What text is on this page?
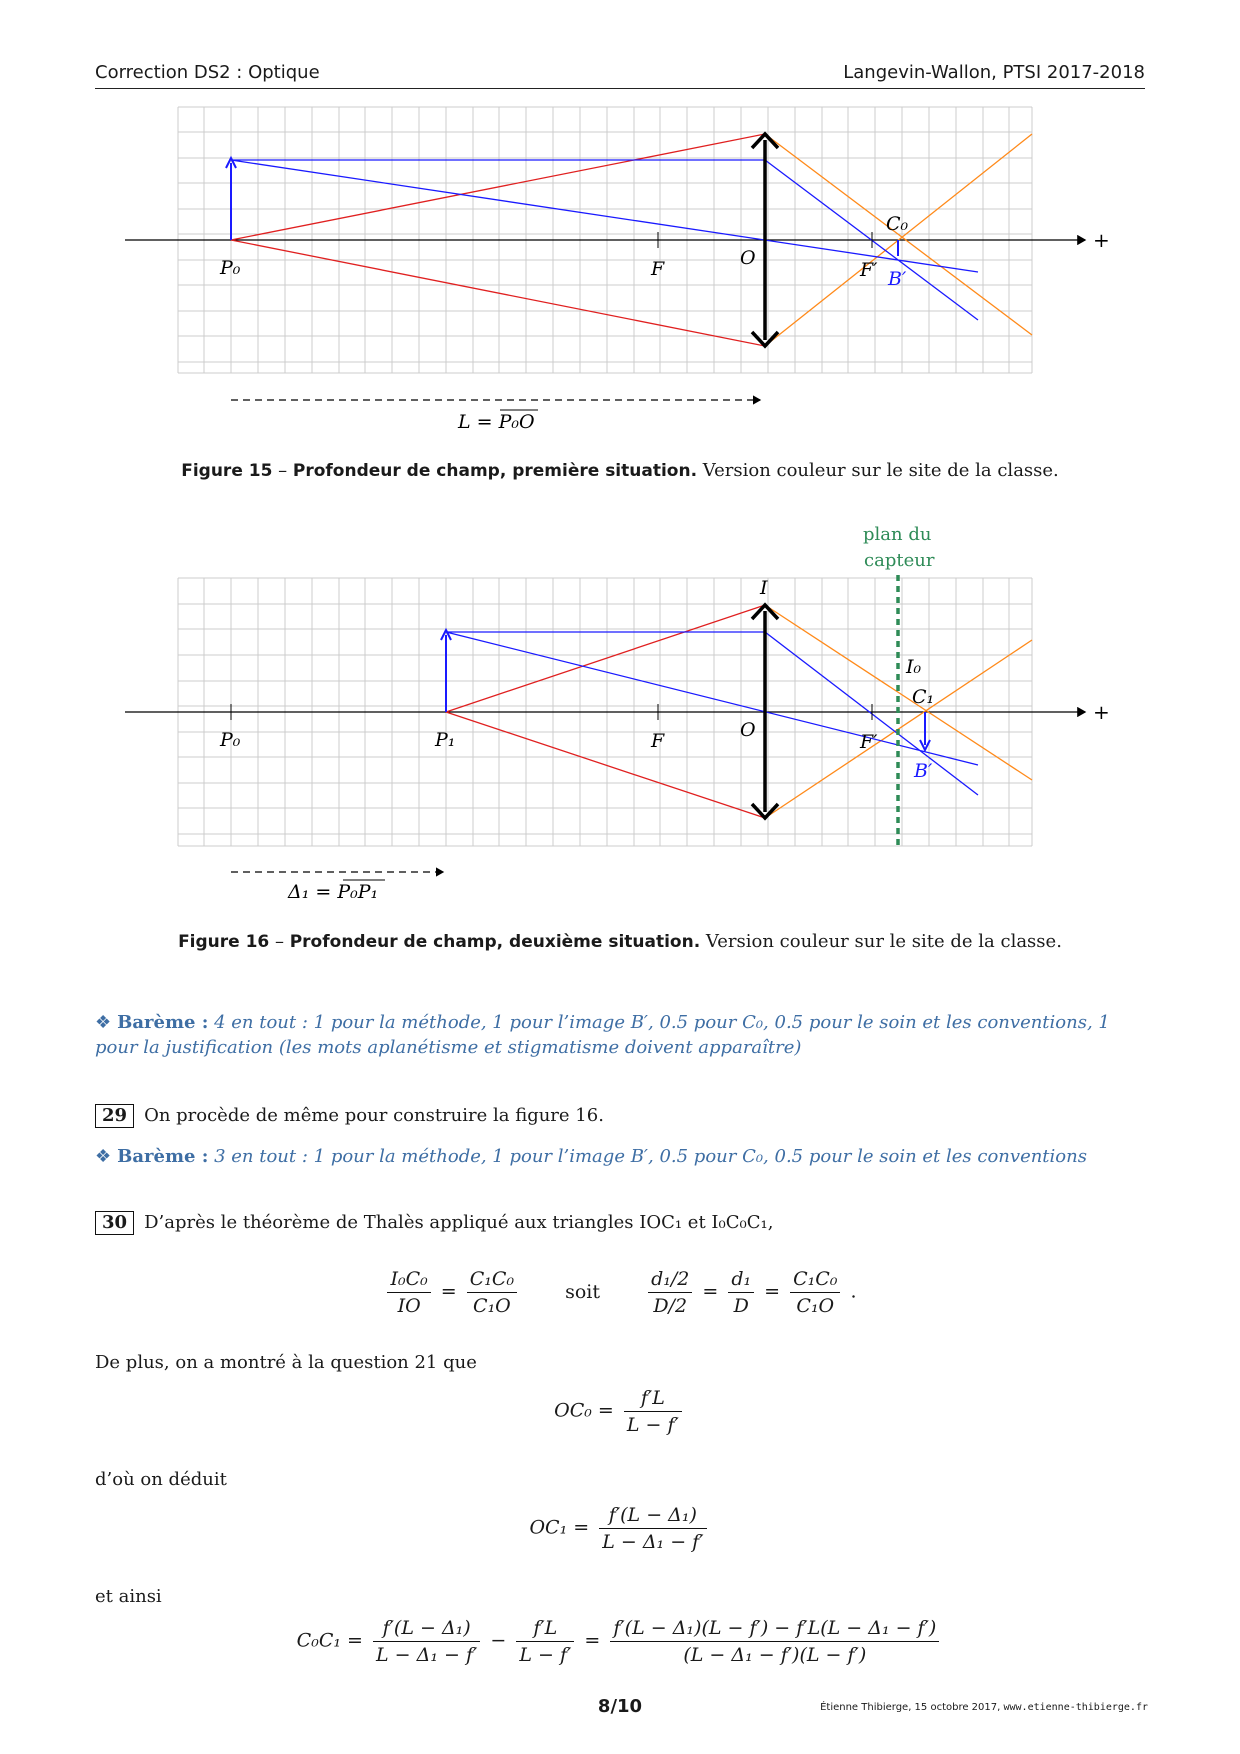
Correction DS2 : Optique	Langevin-Wallon, PTSI 2017-2018
P₀	F	O
F′
C₀
B′
+
L = P₀O
Figure 15 – Profondeur de champ, première situation. Version couleur sur le site de la classe.
plan du
capteur
P₀	P₁	F	O
F′
I
I₀
C₁
B′
+
Δ₁ = P₀P₁
Figure 16 – Profondeur de champ, deuxième situation. Version couleur sur le site de la classe.
❖ Barème : 4 en tout : 1 pour la méthode, 1 pour l’image B′, 0.5 pour C₀, 0.5 pour le soin et les conventions, 1 pour la justification (les mots aplanétisme et stigmatisme doivent apparaître)
29 On procède de même pour construire la figure 16.
❖ Barème : 3 en tout : 1 pour la méthode, 1 pour l’image B′, 0.5 pour C₀, 0.5 pour le soin et les conventions
30 D’après le théorème de Thalès appliqué aux triangles IOC₁ et I₀C₀C₁,
$\frac{\text{I₀C₀}}{IO} = \frac{\text{C₁C₀}}{\text{C₁O}}$	soit	$\frac{\text{d₁/2}}{D/2} = \frac{\text{d₁}}{D} = \frac{\text{C₁C₀}}{\text{C₁O}}$ .
De plus, on a montré à la question 21 que
$OC_0 = \frac{f'L}{L - f'}$
d’où on déduit
$OC_1 = \frac{\text{f′(L − Δ₁)}}{\text{L − Δ₁ − f′}}$
et ainsi
$C_0C_1 = \frac{\text{f′(L − Δ₁)}}{\text{L − Δ₁ − f′}} - \frac{f'L}{L - f'} = \frac{\text{f′(L − Δ₁)(L − f′) − f′L(L − Δ₁ − f′)}}{\text{(L − Δ₁ − f′)(L − f′)}}$
8/10	Étienne Thibierge, 15 octobre 2017, www.etienne-thibierge.fr
